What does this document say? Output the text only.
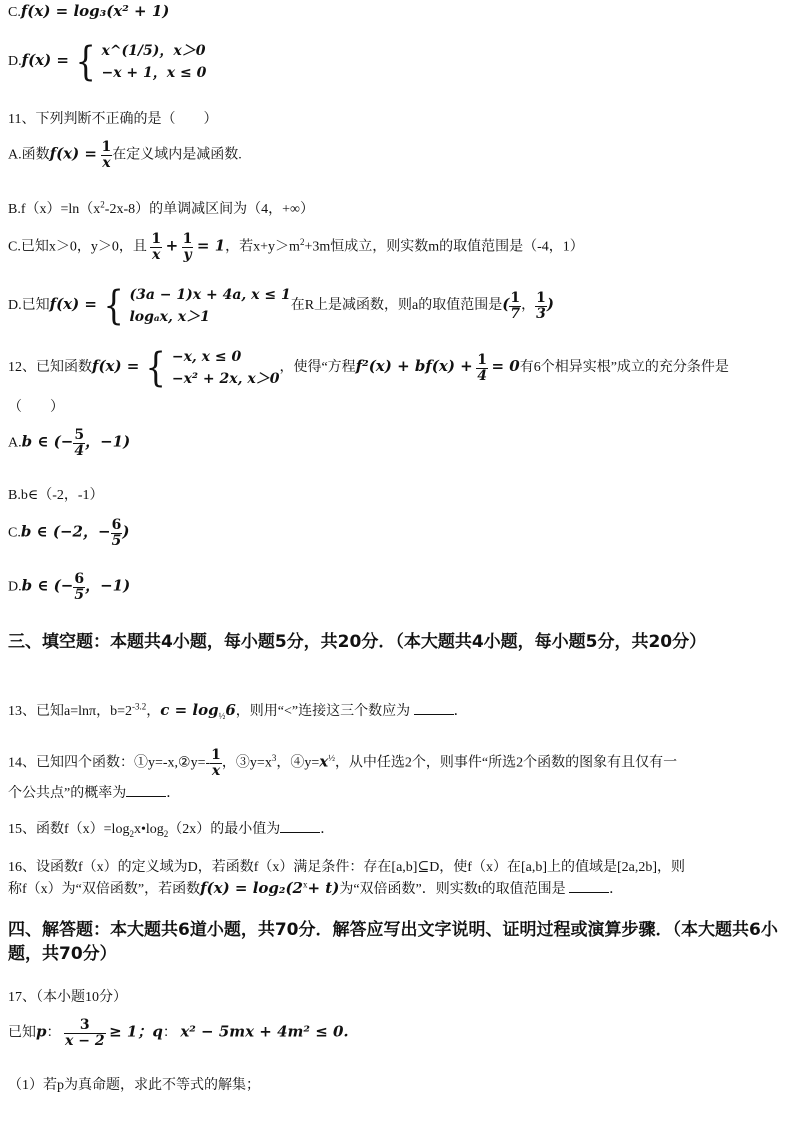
C.f(x) = log₃(x² + 1)
D.f(x) = { x^(1/5)，x＞0
−x + 1，x ≤ 0
11、下列判断不正确的是（　　）
A.函数$f(x) = \frac{1}{x}$ 在定义域内是减函数.
$B.f(x)=\ln(x^2-2x-8)$的单调减区间为（4，+∞）
C.已知x＞0，y＞0，且 $\frac{1}{x} + \frac{1}{y} = 1$，若$x+y>m^2+3m$恒成立，则实数m的取值范围是（-4，1）
D.已知f(x) = { (3a − 1)x + 4a, x ≤ 1
logₐx, x＞1
在R上是减函数，则a的取值范围是( $\frac{1}{7}$ ， $\frac{1}{3}$ )
12、已知函数f(x) = { −x, x ≤ 0
−x² + 2x, x＞0
，使得“方程$f^2(x) + bf(x) + \frac{1}{4} = 0$有6个相异实根”成立的充分条件是
（　　）
A.b ∈ (− $\frac{5}{4}$ ，−1)
B.b∈（-2，-1）
C.b ∈ (−2，− $\frac{6}{5}$ )
D.b ∈ (− $\frac{6}{5}$ ，−1)
三、填空题：本题共4小题，每小题5分，共20分．（本大题共4小题，每小题5分，共20分）
13、已知a=lnπ，$b=2^{-3.2}$，$c = \log_{\frac{1}{2}}6$，则用“<”连接这三个数应为	．
14、已知四个函数：①y=-x,②y=- $\frac{1}{x}$ ，$③y=x^3$，$④y=x^{\frac{1}{2}}$，从中任选2个，则事件“所选2个函数的图象有且仅有一
个公共点”的概率为	．
15、函数$f(x)=\log_2x•\log_2(2x)$的最小值为	．
16、设函数f（x）的定义域为D，若函数f（x）满足条件：存在[a,b]⊆D，使f（x）在[a,b]上的值域是[2a,2b]，则
称f（x）为“双倍函数”，若函数$f(x) = \log_2(2^x+ t)$为“双倍函数”．则实数t的取值范围是	．
四、解答题：本大题共6道小题，共70分．解答应写出文字说明、证明过程或演算步骤．（本大题共6小题，共70分）
17、（本小题10分）
已知p： $\frac{3}{x - 2} \ge 1$；q： x² − 5mx + 4m² ≤ 0.
（1）若p为真命题，求此不等式的解集；
